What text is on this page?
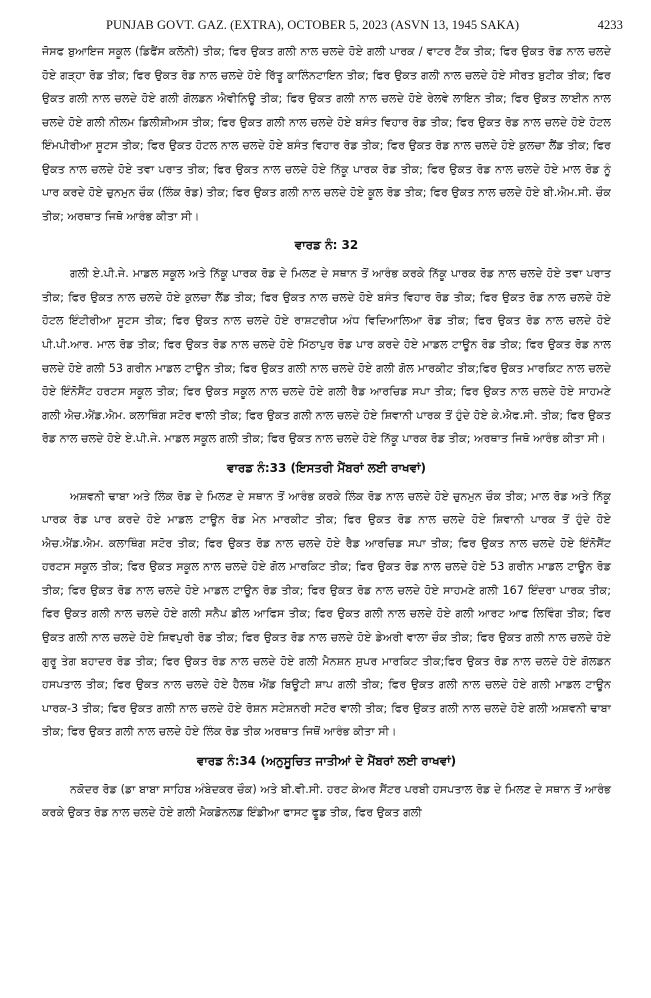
PUNJAB GOVT. GAZ. (EXTRA), OCTOBER 5, 2023 (ASVN 13, 1945 SAKA)	4233

ਜੋਸਫ ਬੁਆਇਜ ਸਕੂਲ (ਡਿਫੈਂਸ ਕਲੋਨੀ) ਤੀਕ; ਫਿਰ ਉਕਤ ਗਲੀ ਨਾਲ ਚਲਦੇ ਹੋਏ ਗਲੀ ਪਾਰਕ / ਵਾਟਰ ਟੈਂਕ ਤੀਕ; ਫਿਰ ਉਕਤ ਰੋਡ ਨਾਲ ਚਲਦੇ ਹੋਏ ਗੜ੍ਹਾ ਰੋਡ ਤੀਕ; ਫਿਰ ਉਕਤ ਰੋਡ ਨਾਲ ਚਲਦੇ ਹੋਏ ਰਿੱਤੂ ਕਾਲਿੰਨਟਾਇਨ ਤੀਕ; ਫਿਰ ਉਕਤ ਗਲੀ ਨਾਲ ਚਲਦੇ ਹੋਏ ਸੀਰਤ ਬੁਟੀਕ ਤੀਕ; ਫਿਰ ਉਕਤ ਗਲੀ ਨਾਲ ਚਲਦੇ ਹੋਏ ਗਲੀ ਗੋਲਡਨ ਐਵੀਨਿਊ ਤੀਕ; ਫਿਰ ਉਕਤ ਗਲੀ ਨਾਲ ਚਲਦੇ ਹੋਏ ਰੇਲਵੇ ਲਾਇਨ ਤੀਕ; ਫਿਰ ਉਕਤ ਲਾਈਨ ਨਾਲ ਚਲਦੇ ਹੋਏ ਗਲੀ ਨੀਲਮ ਡਿਲੀਸ਼ੀਅਸ ਤੀਕ; ਫਿਰ ਉਕਤ ਗਲੀ ਨਾਲ ਚਲਦੇ ਹੋਏ ਬਸੰਤ ਵਿਹਾਰ ਰੋਡ ਤੀਕ; ਫਿਰ ਉਕਤ ਰੋਡ ਨਾਲ ਚਲਦੇ ਹੋਏ ਹੋਟਲ ਇੰਮਪੀਰੀਆ ਸੂਟਸ ਤੀਕ; ਫਿਰ ਉਕਤ ਹੋਟਲ ਨਾਲ ਚਲਦੇ ਹੋਏ ਬਸੰਤ ਵਿਹਾਰ ਰੋਡ ਤੀਕ; ਫਿਰ ਉਕਤ ਰੋਡ ਨਾਲ ਚਲਦੇ ਹੋਏ ਕੁਲਚਾ ਲੈਂਡ ਤੀਕ; ਫਿਰ ਉਕਤ ਨਾਲ ਚਲਦੇ ਹੋਏ ਤਵਾ ਪਰਾਤ ਤੀਕ; ਫਿਰ ਉਕਤ ਨਾਲ ਚਲਦੇ ਹੋਏ ਨਿੱਕੂ ਪਾਰਕ ਰੋਡ ਤੀਕ; ਫਿਰ ਉਕਤ ਰੋਡ ਨਾਲ ਚਲਦੇ ਹੋਏ ਮਾਲ ਰੋਡ ਨੂੰ ਪਾਰ ਕਰਦੇ ਹੋਏ ਚੁਨਮੁਨ ਚੌਕ (ਲਿੰਕ ਰੋਡ) ਤੀਕ; ਫਿਰ ਉਕਤ ਗਲੀ ਨਾਲ ਚਲਦੇ ਹੋਏ ਕੂਲ ਰੋਡ ਤੀਕ; ਫਿਰ ਉਕਤ ਨਾਲ ਚਲਦੇ ਹੋਏ ਬੀ.ਐਮ.ਸੀ. ਚੌਕ ਤੀਕ; ਅਰਥਾਤ ਜਿਥੋ ਆਰੰਭ ਕੀਤਾ ਸੀ।

ਵਾਰਡ ਨੰ: 32

ਗਲੀ ਏ.ਪੀ.ਜੇ. ਮਾਡਲ ਸਕੂਲ ਅਤੇ ਨਿੱਕੂ ਪਾਰਕ ਰੋਡ ਦੇ ਮਿਲਣ ਦੇ ਸਥਾਨ ਤੋਂ ਆਰੰਭ ਕਰਕੇ ਨਿੱਕੂ ਪਾਰਕ ਰੋਡ ਨਾਲ ਚਲਦੇ ਹੋਏ ਤਵਾ ਪਰਾਤ ਤੀਕ; ਫਿਰ ਉਕਤ ਨਾਲ ਚਲਦੇ ਹੋਏ ਕੁਲਚਾ ਲੈਂਡ ਤੀਕ; ਫਿਰ ਉਕਤ ਨਾਲ ਚਲਦੇ ਹੋਏ ਬਸੰਤ ਵਿਹਾਰ ਰੋਡ ਤੀਕ; ਫਿਰ ਉਕਤ ਰੋਡ ਨਾਲ ਚਲਦੇ ਹੋਏ ਹੋਟਲ ਇੰਟੀਰੀਆ ਸੂਟਸ ਤੀਕ; ਫਿਰ ਉਕਤ ਨਾਲ ਚਲਦੇ ਹੋਏ ਰਾਸ਼ਟਰੀਯ ਅੰਧ ਵਿਦਿਆਲਿਆ ਰੋਡ ਤੀਕ; ਫਿਰ ਉਕਤ ਰੋਡ ਨਾਲ ਚਲਦੇ ਹੋਏ ਪੀ.ਪੀ.ਆਰ. ਮਾਲ ਰੋਡ ਤੀਕ; ਫਿਰ ਉਕਤ ਰੋਡ ਨਾਲ ਚਲਦੇ ਹੋਏ ਮਿੱਠਾਪੁਰ ਰੋਡ ਪਾਰ ਕਰਦੇ ਹੋਏ ਮਾਡਲ ਟਾਊਨ ਰੋਡ ਤੀਕ; ਫਿਰ ਉਕਤ ਰੋਡ ਨਾਲ ਚਲਦੇ ਹੋਏ ਗਲੀ 53 ਗਰੀਨ ਮਾਡਲ ਟਾਊਨ ਤੀਕ; ਫਿਰ ਉਕਤ ਗਲੀ ਨਾਲ ਚਲਦੇ ਹੋਏ ਗਲੀ ਗੋਲ ਮਾਰਕੀਟ ਤੀਕ;ਫਿਰ ਉਕਤ ਮਾਰਕਿਟ ਨਾਲ ਚਲਦੇ ਹੋਏ ਇੰਨੋਸੈਂਟ ਹਰਟਸ ਸਕੂਲ ਤੀਕ; ਫਿਰ ਉਕਤ ਸਕੂਲ ਨਾਲ ਚਲਦੇ ਹੋਏ ਗਲੀ ਰੈਡ ਆਰਚਿਡ ਸਪਾ ਤੀਕ; ਫਿਰ ਉਕਤ ਨਾਲ ਚਲਦੇ ਹੋਏ ਸਾਹਮਣੇ ਗਲੀ ਐਚ.ਐਂਡ.ਐਮ. ਕਲਾਥਿੰਗ ਸਟੋਰ ਵਾਲੀ ਤੀਕ; ਫਿਰ ਉਕਤ ਗਲੀ ਨਾਲ ਚਲਦੇ ਹੋਏ ਸ਼ਿਵਾਨੀ ਪਾਰਕ ਤੋਂ ਹੁੰਦੇ ਹੋਏ ਕੇ.ਐਫ.ਸੀ. ਤੀਕ; ਫਿਰ ਉਕਤ ਰੋਡ ਨਾਲ ਚਲਦੇ ਹੋਏ ਏ.ਪੀ.ਜੇ. ਮਾਡਲ ਸਕੂਲ ਗਲੀ ਤੀਕ; ਫਿਰ ਉਕਤ ਨਾਲ ਚਲਦੇ ਹੋਏ ਨਿੱਕੂ ਪਾਰਕ ਰੋਡ ਤੀਕ; ਅਰਥਾਤ ਜਿਥੋ ਆਰੰਭ ਕੀਤਾ ਸੀ।

ਵਾਰਡ ਨੰ:33 (ਇਸਤਰੀ ਮੈਂਬਰਾਂ ਲਈ ਰਾਖਵਾਂ)

ਅਸ਼ਵਨੀ ਢਾਬਾ ਅਤੇ ਲਿੰਕ ਰੋਡ ਦੇ ਮਿਲਣ ਦੇ ਸਥਾਨ ਤੋਂ ਆਰੰਭ ਕਰਕੇ ਲਿੰਕ ਰੋਡ ਨਾਲ ਚਲਦੇ ਹੋਏ ਚੁਨਮੁਨ ਚੌਕ ਤੀਕ; ਮਾਲ ਰੋਡ ਅਤੇ ਨਿੱਕੂ ਪਾਰਕ ਰੋਡ ਪਾਰ ਕਰਦੇ ਹੋਏ ਮਾਡਲ ਟਾਊਨ ਰੋਡ ਮੇਨ ਮਾਰਕੀਟ ਤੀਕ; ਫਿਰ ਉਕਤ ਰੋਡ ਨਾਲ ਚਲਦੇ ਹੋਏ ਸ਼ਿਵਾਨੀ ਪਾਰਕ ਤੋਂ ਹੁੰਦੇ ਹੋਏ ਐਚ.ਐਂਡ.ਐਮ. ਕਲਾਥਿੰਗ ਸਟੋਰ ਤੀਕ; ਫਿਰ ਉਕਤ ਰੋਡ ਨਾਲ ਚਲਦੇ ਹੋਏ ਰੈਡ ਆਰਚਿਡ ਸਪਾ ਤੀਕ; ਫਿਰ ਉਕਤ ਨਾਲ ਚਲਦੇ ਹੋਏ ਇੰਨੋਸੈਂਟ ਹਰਟਸ ਸਕੂਲ ਤੀਕ; ਫਿਰ ਉਕਤ ਸਕੂਲ ਨਾਲ ਚਲਦੇ ਹੋਏ ਗੋਲ ਮਾਰਕਿਟ ਤੀਕ; ਫਿਰ ਉਕਤ ਰੋਡ ਨਾਲ ਚਲਦੇ ਹੋਏ 53 ਗਰੀਨ ਮਾਡਲ ਟਾਊਨ ਰੋਡ ਤੀਕ; ਫਿਰ ਉਕਤ ਰੋਡ ਨਾਲ ਚਲਦੇ ਹੋਏ ਮਾਡਲ ਟਾਊਨ ਰੋਡ ਤੀਕ; ਫਿਰ ਉਕਤ ਰੋਡ ਨਾਲ ਚਲਦੇ ਹੋਏ ਸਾਹਮਣੇ ਗਲੀ 167 ਇੰਦਰਾ ਪਾਰਕ ਤੀਕ; ਫਿਰ ਉਕਤ ਗਲੀ ਨਾਲ ਚਲਦੇ ਹੋਏ ਗਲੀ ਸਨੈਪ ਡੀਲ ਆਫਿਸ ਤੀਕ; ਫਿਰ ਉਕਤ ਗਲੀ ਨਾਲ ਚਲਦੇ ਹੋਏ ਗਲੀ ਆਰਟ ਆਫ ਲਿਵਿੰਗ ਤੀਕ; ਫਿਰ ਉਕਤ ਗਲੀ ਨਾਲ ਚਲਦੇ ਹੋਏ ਸ਼ਿਵਪੁਰੀ ਰੋਡ ਤੀਕ; ਫਿਰ ਉਕਤ ਰੋਡ ਨਾਲ ਚਲਦੇ ਹੋਏ ਡੇਅਰੀ ਵਾਲਾ ਚੌਕ ਤੀਕ; ਫਿਰ ਉਕਤ ਗਲੀ ਨਾਲ ਚਲਦੇ ਹੋਏ ਗੁਰੂ ਤੇਗ ਬਹਾਦਰ ਰੋਡ ਤੀਕ; ਫਿਰ ਉਕਤ ਰੋਡ ਨਾਲ ਚਲਦੇ ਹੋਏ ਗਲੀ ਮੈਨਸ਼ਨ ਸੁਪਰ ਮਾਰਕਿਟ ਤੀਕ;ਫਿਰ ਉਕਤ ਰੋਡ ਨਾਲ ਚਲਦੇ ਹੋਏ ਗੋਲਡਨ ਹਸਪਤਾਲ ਤੀਕ; ਫਿਰ ਉਕਤ ਨਾਲ ਚਲਦੇ ਹੋਏ ਹੈਲਥ ਐਂਡ ਬਿਊਟੀ ਸ਼ਾਪ ਗਲੀ ਤੀਕ; ਫਿਰ ਉਕਤ ਗਲੀ ਨਾਲ ਚਲਦੇ ਹੋਏ ਗਲੀ ਮਾਡਲ ਟਾਊਨ ਪਾਰਕ-3 ਤੀਕ; ਫਿਰ ਉਕਤ ਗਲੀ ਨਾਲ ਚਲਦੇ ਹੋਏ ਰੋਸ਼ਨ ਸਟੇਸ਼ਨਰੀ ਸਟੋਰ ਵਾਲੀ ਤੀਕ; ਫਿਰ ਉਕਤ ਗਲੀ ਨਾਲ ਚਲਦੇ ਹੋਏ ਗਲੀ ਅਸ਼ਵਨੀ ਢਾਬਾ ਤੀਕ; ਫਿਰ ਉਕਤ ਗਲੀ ਨਾਲ ਚਲਦੇ ਹੋਏ ਲਿੰਕ ਰੋਡ ਤੀਕ ਅਰਥਾਤ ਜਿਥੋਂ ਆਰੰਭ ਕੀਤਾ ਸੀ।

ਵਾਰਡ ਨੰ:34 (ਅਨੁਸੂਚਿਤ ਜਾਤੀਆਂ ਦੇ ਮੈਂਬਰਾਂ ਲਈ ਰਾਖਵਾਂ)

ਨਕੋਦਰ ਰੋਡ (ਡਾ ਬਾਬਾ ਸਾਹਿਬ ਅੰਬੇਦਕਰ ਚੌਕ) ਅਤੇ ਬੀ.ਵੀ.ਸੀ. ਹਰਟ ਕੇਅਰ ਸੈਂਟਰ ਪਰਬੀ ਹਸਪਤਾਲ ਰੋਡ ਦੇ ਮਿਲਣ ਦੇ ਸਥਾਨ ਤੋਂ ਆਰੰਭ ਕਰਕੇ ਉਕਤ ਰੋਡ ਨਾਲ ਚਲਦੇ ਹੋਏ ਗਲੀ ਮੈਕਡੋਨਲਡ ਇੰਡੀਆ ਫਾਸਟ ਫੂਡ ਤੀਕ, ਫਿਰ ਉਕਤ ਗਲੀ
